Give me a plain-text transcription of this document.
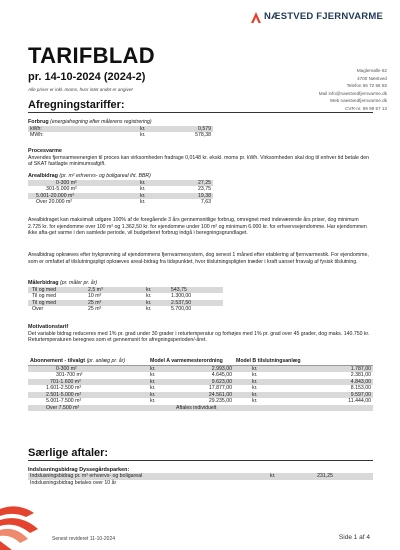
NÆSTVED FJERNVARME
Maglemølle 62
4700 Næstved
Telefon 55 72 56 65
Mail info@naestvedfjernvarme.dk
Web naestvedfjernvarme.dk
CVR-nr. 69 99 57 13
TARIFBLAD
pr. 14-10-2024 (2024-2)
Alle priser er inkl. moms, hvor intet andet er angivet
Afregningstariffer:
Forbrug (energiafregning efter målerens registrering)
kWh:	kr.	0,579
MWh:	kr.	578,38
Procesvarme

Anvendes fjernvarmeenergien til proces kan virksomheden fradrage 0,0148 kr. ekskl. moms pr. kWh. Virksomheden skal dog til enhver tid betale den af SKAT fastlagte minimumsafgift.

Arealbidrag (pr. m² erhvervs- og boligareal iht. BBR)
0-300 m²	kr.	27,25
301-5.000 m²	kr.	23,75
5.001-20.000 m²	kr.	19,38
Over 20.000 m²	kr.	7,63

Arealbidraget kan maksimalt udgøre 100% af de foregående 3 års gennemsnitlige forbrug, omregnet med indeværende års priser, dog minimum 2.725 kr. for ejendomme over 100 m² og 1.362,50 kr. for ejendomme under 100 m² og minimum 6.000 kr. for erhvervsejendomme. Har ejendommen ikke afta-get varme i den samlede periode, vil budgetteret forbrug indgå i beregningsgrundlaget.

Arealbidrag opkræves efter trykprøvning af ejendommens fjernvarmesystem, dog senest 1 måned efter etablering af fjernvarmestik. For ejendomme, som er omfattet af tilslutningspligt opkræves areal-bidrag fra tidspunktet, hvor tilslutningspligten træder i kraft uanset frravalg af fysisk tilslutning.

Målerbidrag (pr. måler pr. år)
Til og med	2,5 m³	kr.	543,75
Til og med	10 m³	kr.	1.300,00
Til og med	25 m³	kr.	2.537,50
Over	25 m³	kr.	5.700,00
Motivationstarif

Det variable bidrag reduceres med 1% pr. grad under 30 grader i returtemperatur og forhøjes med 1% pr. grad over 45 grader, dog maks. 140.750 kr. Returtemperaturen beregnes som et gennemsnit for afregningsperioden/-året.

Abonnement - tilvalgt (pr. anlæg pr. år)	Model A varmemesterordning		Model B tilslutningsanlæg	
0-300 m²	kr.	2.993,00	kr.	1.787,00
301-700 m²	kr.	4.645,00	kr.	2.381,00
701-1.600 m²	kr.	9.623,00	kr.	4.843,00
1.601-2.500 m²	kr.	17.877,00	kr.	8.153,00
2.501-5.000 m²	kr.	24.561,00	kr.	9.597,00
5.001-7.500 m²	kr.	29.235,00	kr.	11.444,00
Over 7.500 m²	Aftales individuelt			
Særlige aftaler:
Indslusningsbidrag Dyssegårdsparken:
Indslusningsbidrag pr. m² erhvervs- og boligareal	kr.	231,25
Indslusningsbidrag betales over 10 år		
Senest revideret 11-10-2024	Side 1 af 4
